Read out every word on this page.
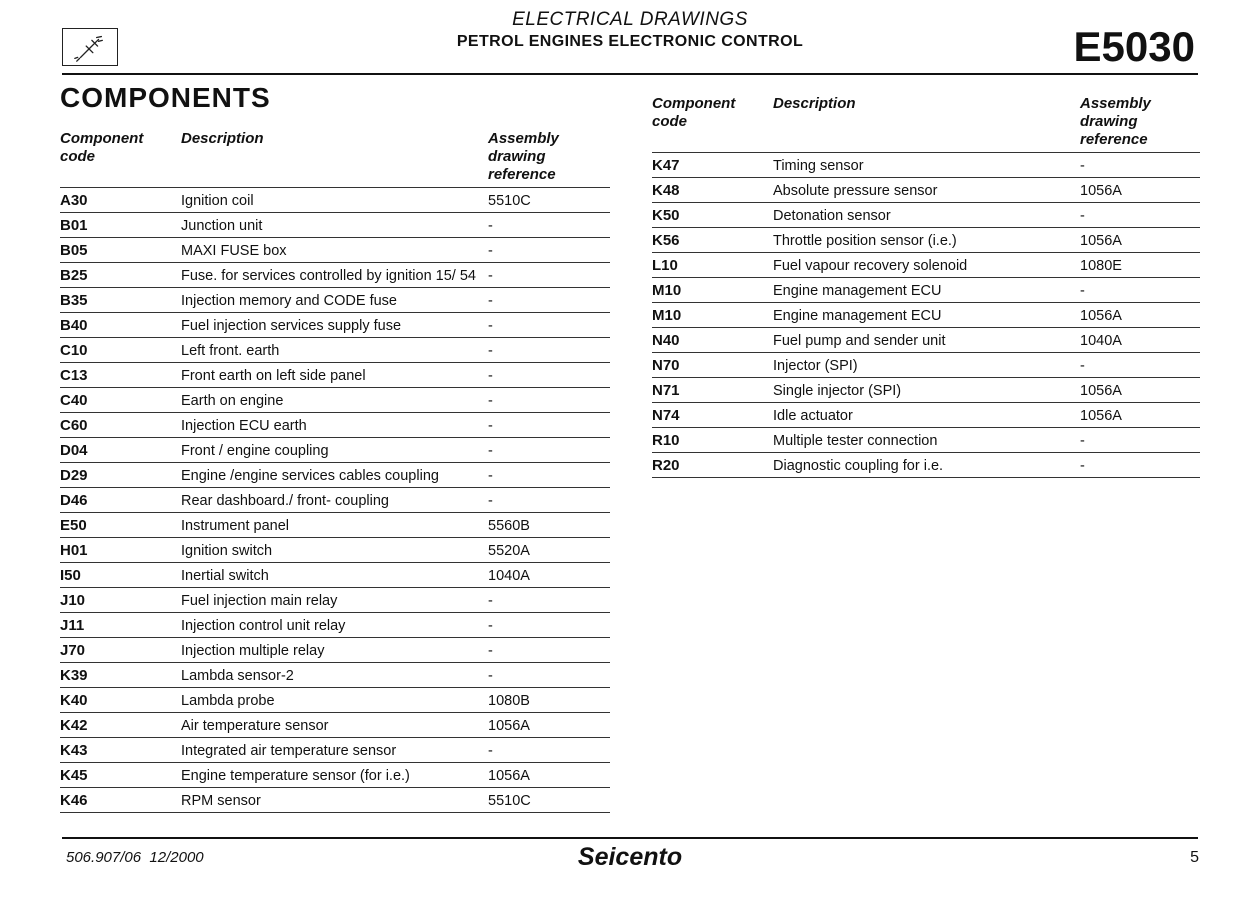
ELECTRICAL DRAWINGS
PETROL ENGINES ELECTRONIC CONTROL	E5030
COMPONENTS
Component code	Description	Assembly drawing reference
A30	Ignition coil	5510C
B01	Junction unit	-
B05	MAXI FUSE box	-
B25	Fuse. for services controlled by ignition 15/ 54	-
B35	Injection memory and CODE fuse	-
B40	Fuel injection services supply fuse	-
C10	Left front. earth	-
C13	Front earth on left side panel	-
C40	Earth on engine	-
C60	Injection ECU earth	-
D04	Front / engine coupling	-
D29	Engine /engine services cables coupling	-
D46	Rear dashboard./ front- coupling	-
E50	Instrument panel	5560B
H01	Ignition switch	5520A
I50	Inertial switch	1040A
J10	Fuel injection main relay	-
J11	Injection control unit relay	-
J70	Injection multiple relay	-
K39	Lambda sensor-2	-
K40	Lambda probe	1080B
K42	Air temperature sensor	1056A
K43	Integrated air temperature sensor	-
K45	Engine temperature sensor (for i.e.)	1056A
K46	RPM sensor	5510C
Component code	Description	Assembly drawing reference
K47	Timing sensor	-
K48	Absolute pressure sensor	1056A
K50	Detonation sensor	-
K56	Throttle position sensor (i.e.)	1056A
L10	Fuel vapour recovery solenoid	1080E
M10	Engine management ECU	-
M10	Engine management ECU	1056A
N40	Fuel pump and sender unit	1040A
N70	Injector (SPI)	-
N71	Single injector (SPI)	1056A
N74	Idle actuator	1056A
R10	Multiple tester connection	-
R20	Diagnostic coupling for i.e.	-
506.907/06  12/2000	Seicento	5
